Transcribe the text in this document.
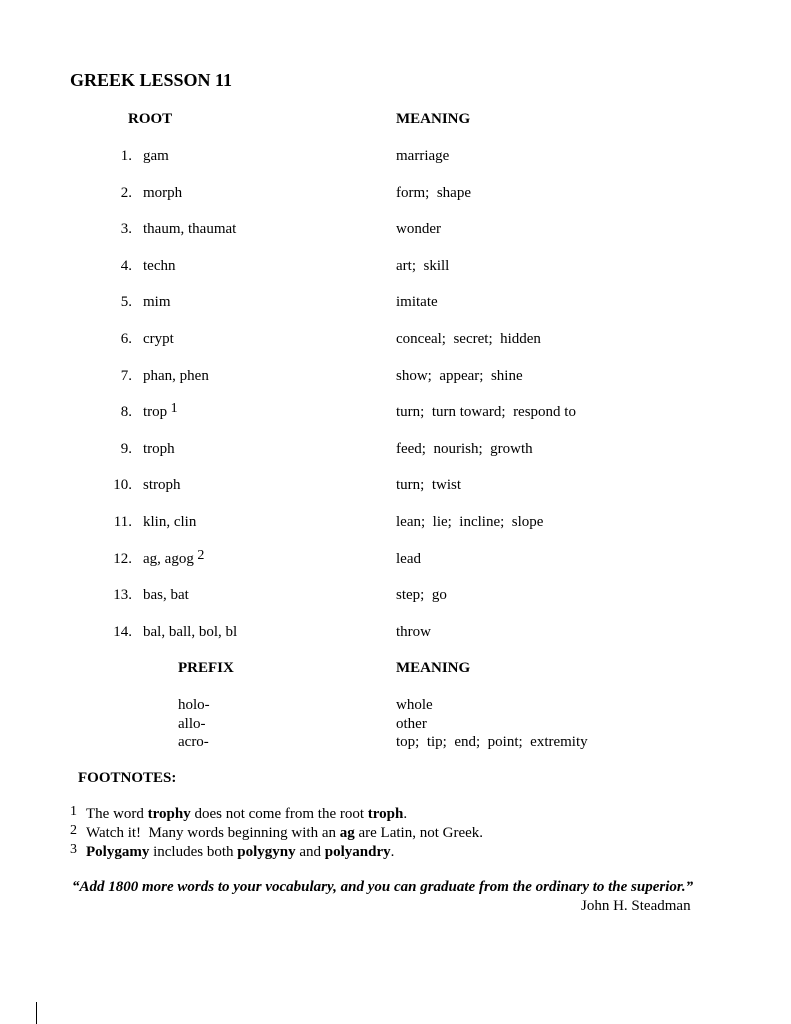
GREEK LESSON 11
ROOT	MEANING
1. gam	marriage
2. morph	form;  shape
3. thaum, thaumat	wonder
4. techn	art;  skill
5. mim	imitate
6. crypt	conceal;  secret;  hidden
7. phan, phen	show;  appear;  shine
8. trop $^1$	turn;  turn toward;  respond to
9. troph	feed;  nourish;  growth
10. stroph	turn;  twist
11. klin, clin	lean;  lie;  incline;  slope
12. ag, agog $^2$	lead
13. bas, bat	step;  go
14. bal, ball, bol, bl	throw
PREFIX	MEANING
holo-	whole
allo-	other
acro-	top;  tip;  end;  point;  extremity
FOOTNOTES:
1 The word trophy does not come from the root troph.
2 Watch it!  Many words beginning with an ag are Latin, not Greek.
3 Polygamy includes both polygyny and polyandry.
“Add 1800 more words to your vocabulary, and you can graduate from the ordinary to the superior.”
John H. Steadman
